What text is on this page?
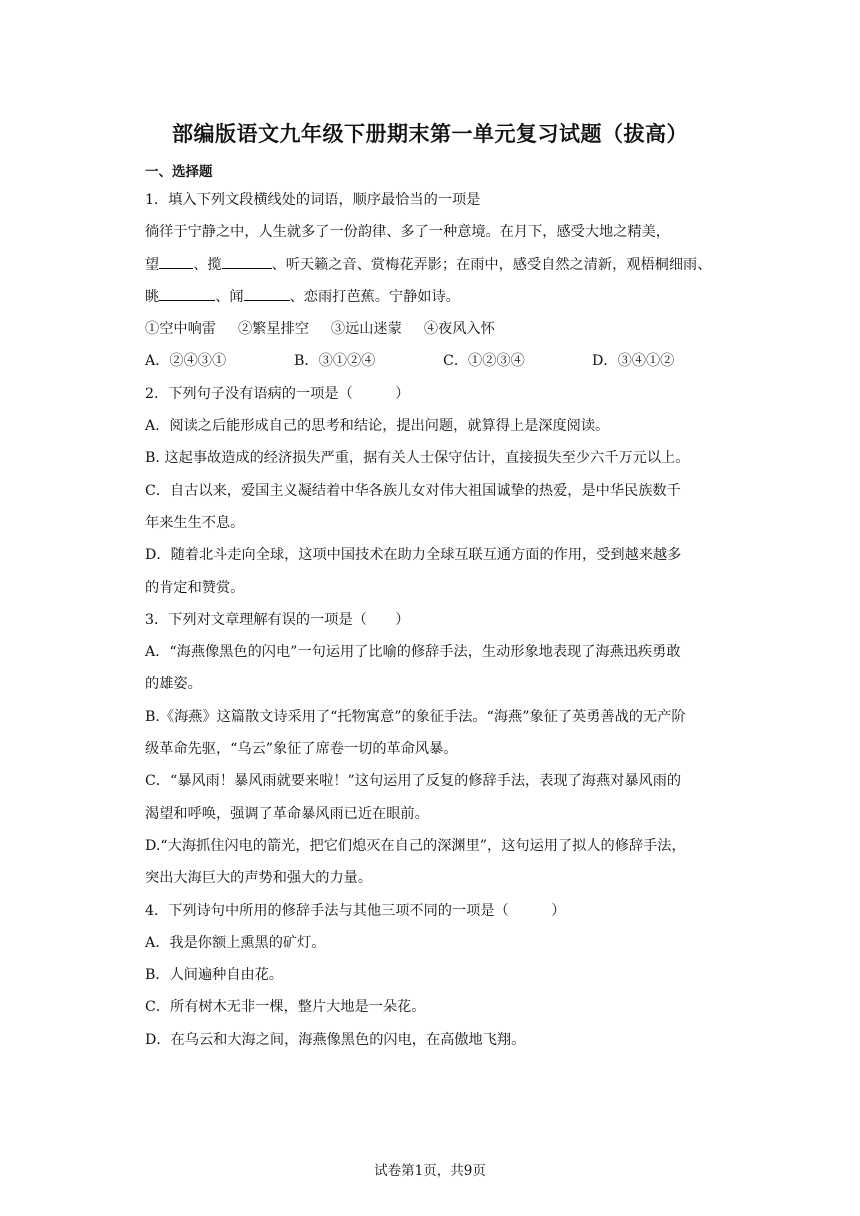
部编版语文九年级下册期末第一单元复习试题（拔高）
一、选择题
1．填入下列文段横线处的词语，顺序最恰当的一项是
徜徉于宁静之中，人生就多了一份韵律、多了一种意境。在月下，感受大地之精美，
望 、揽	、听天籁之音、赏梅花弄影；在雨中，感受自然之清新，观梧桐细雨、
眺	、闻	、恋雨打芭蕉。宁静如诗。
①空中响雷 ②繁星排空 ③远山迷蒙 ④夜风入怀
A．②④③①	B．③①②④	C．①②③④	D．③④①②
2．下列句子没有语病的一项是（　　　）
A．阅读之后能形成自己的思考和结论，提出问题，就算得上是深度阅读。
B. 这起事故造成的经济损失严重，据有关人士保守估计，直接损失至少六千万元以上。
C．自古以来，爱国主义凝结着中华各族儿女对伟大祖国诚挚的热爱，是中华民族数千
年来生生不息。
D．随着北斗走向全球，这项中国技术在助力全球互联互通方面的作用，受到越来越多
的肯定和赞赏。
3．下列对文章理解有误的一项是（　　）
A．“海燕像黑色的闪电”一句运用了比喻的修辞手法，生动形象地表现了海燕迅疾勇敢
的雄姿。
B.《海燕》这篇散文诗采用了“托物寓意”的象征手法。“海燕”象征了英勇善战的无产阶
级革命先驱，“乌云”象征了席卷一切的革命风暴。
C．“暴风雨！暴风雨就要来啦！”这句运用了反复的修辞手法，表现了海燕对暴风雨的
渴望和呼唤，强调了革命暴风雨已近在眼前。
D.“大海抓住闪电的箭光，把它们熄灭在自己的深渊里”，这句运用了拟人的修辞手法，
突出大海巨大的声势和强大的力量。
4．下列诗句中所用的修辞手法与其他三项不同的一项是（　　　）
A．我是你额上熏黑的矿灯。
B．人间遍种自由花。
C．所有树木无非一棵，整片大地是一朵花。
D．在乌云和大海之间，海燕像黑色的闪电，在高傲地飞翔。
试卷第1页，共9页
